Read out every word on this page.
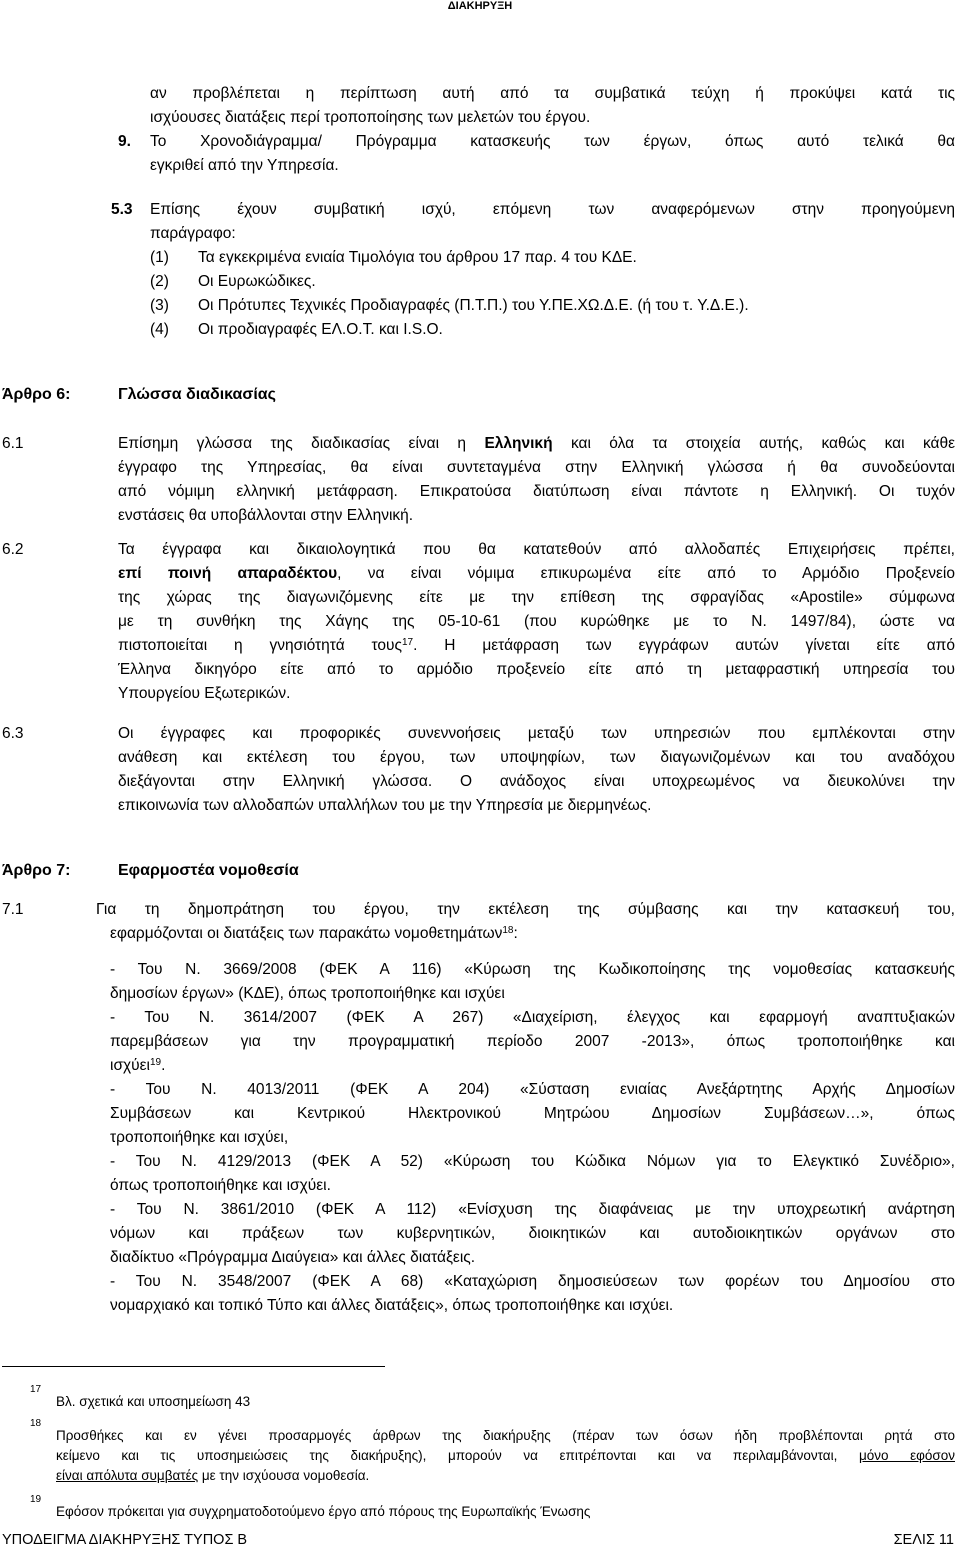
ΔΙΑΚΗΡΥΞΗ
αν προβλέπεται η περίπτωση αυτή από τα συμβατικά τεύχη ή προκύψει κατά τις
ισχύουσες διατάξεις περί τροποποίησης των μελετών του έργου.
9. Το Χρονοδιάγραμμα/ Πρόγραμμα κατασκευής των έργων, όπως αυτό τελικά θα
εγκριθεί από την Υπηρεσία.
5.3 Επίσης έχουν συμβατική ισχύ, επόμενη των αναφερόμενων στην προηγούμενη
παράγραφο:
(1) Τα εγκεκριμένα ενιαία Τιμολόγια του άρθρου 17 παρ. 4 του ΚΔΕ.
(2) Οι Ευρωκώδικες.
(3) Οι Πρότυπες Τεχνικές Προδιαγραφές (Π.Τ.Π.) του Υ.ΠΕ.ΧΩ.Δ.Ε. (ή του τ. Υ.Δ.Ε.).
(4) Οι προδιαγραφές ΕΛ.Ο.Τ. και I.S.O.
Άρθρο 6:	Γλώσσα διαδικασίας
6.1	Επίσημη γλώσσα της διαδικασίας είναι η Ελληνική και όλα τα στοιχεία αυτής, καθώς και κάθε
έγγραφο της Υπηρεσίας, θα είναι συντεταγμένα στην Ελληνική γλώσσα ή θα συνοδεύονται
από νόμιμη ελληνική μετάφραση. Επικρατούσα διατύπωση είναι πάντοτε η Ελληνική. Οι τυχόν
ενστάσεις θα υποβάλλονται στην Ελληνική.
6.2	Τα έγγραφα και δικαιολογητικά που θα κατατεθούν από αλλοδαπές Επιχειρήσεις πρέπει,
επί ποινή απαραδέκτου, να είναι νόμιμα επικυρωμένα είτε από το Αρμόδιο Προξενείο
της χώρας της διαγωνιζόμενης είτε με την επίθεση της σφραγίδας «Apostile» σύμφωνα
με τη συνθήκη της Χάγης της 05-10-61 (που κυρώθηκε με το Ν. 1497/84), ώστε να
πιστοποιείται η γνησιότητά τους$^{17}$. Η μετάφραση των εγγράφων αυτών γίνεται είτε από
Έλληνα δικηγόρο είτε από το αρμόδιο προξενείο είτε από τη μεταφραστική υπηρεσία του
Υπουργείου Εξωτερικών.
6.3	Οι έγγραφες και προφορικές συνεννοήσεις μεταξύ των υπηρεσιών που εμπλέκονται στην
ανάθεση και εκτέλεση του έργου, των υποψηφίων, των διαγωνιζομένων και του αναδόχου
διεξάγονται στην Ελληνική γλώσσα. Ο ανάδοχος είναι υποχρεωμένος να διευκολύνει την
επικοινωνία των αλλοδαπών υπαλλήλων του με την Υπηρεσία με διερμηνέως.
Άρθρο 7:	Εφαρμοστέα νομοθεσία
7.1	Για τη δημοπράτηση του έργου, την εκτέλεση της σύμβασης και την κατασκευή του,
εφαρμόζονται οι διατάξεις των παρακάτω νομοθετημάτων$^{18}$:
- Του Ν. 3669/2008 (ΦΕΚ Α 116) «Κύρωση της Κωδικοποίησης της νομοθεσίας κατασκευής
δημοσίων έργων» (ΚΔΕ), όπως τροποποιήθηκε και ισχύει
- Του Ν. 3614/2007 (ΦΕΚ Α 267) «Διαχείριση, έλεγχος και εφαρμογή αναπτυξιακών
παρεμβάσεων για την προγραμματική περίοδο 2007 -2013», όπως τροποποιήθηκε και
ισχύει$^{19}$.
- Του Ν. 4013/2011 (ΦΕΚ Α 204) «Σύσταση ενιαίας Ανεξάρτητης Αρχής Δημοσίων
Συμβάσεων και Κεντρικού Ηλεκτρονικού Μητρώου Δημοσίων Συμβάσεων…», όπως
τροποποιήθηκε και ισχύει,
- Του Ν. 4129/2013 (ΦΕΚ Α 52) «Κύρωση του Κώδικα Νόμων για το Ελεγκτικό Συνέδριο»,
όπως τροποποιήθηκε και ισχύει.
- Του Ν. 3861/2010 (ΦΕΚ Α 112) «Ενίσχυση της διαφάνειας με την υποχρεωτική ανάρτηση
νόμων και πράξεων των κυβερνητικών, διοικητικών και αυτοδιοικητικών οργάνων στο
διαδίκτυο «Πρόγραμμα Διαύγεια» και άλλες διατάξεις.
- Του Ν. 3548/2007 (ΦΕΚ Α 68) «Καταχώριση δημοσιεύσεων των φορέων του Δημοσίου στο
νομαρχιακό και τοπικό Τύπο και άλλες διατάξεις», όπως τροποποιήθηκε και ισχύει.
17
Βλ. σχετικά και υποσημείωση 43
18
Προσθήκες και εν γένει προσαρμογές άρθρων της διακήρυξης (πέραν των όσων ήδη προβλέπονται ρητά στο
κείμενο και τις υποσημειώσεις της διακήρυξης), μπορούν να επιτρέπονται και να περιλαμβάνονται, μόνο εφόσον
είναι απόλυτα συμβατές με την ισχύουσα νομοθεσία.
19
Εφόσον πρόκειται για συγχρηματοδοτούμενο έργο από πόρους της Ευρωπαϊκής Ένωσης
ΥΠΟΔΕΙΓΜΑ ΔΙΑΚΗΡΥΞΗΣ ΤΥΠΟΣ Β	ΣΕΛΙΣ 11
